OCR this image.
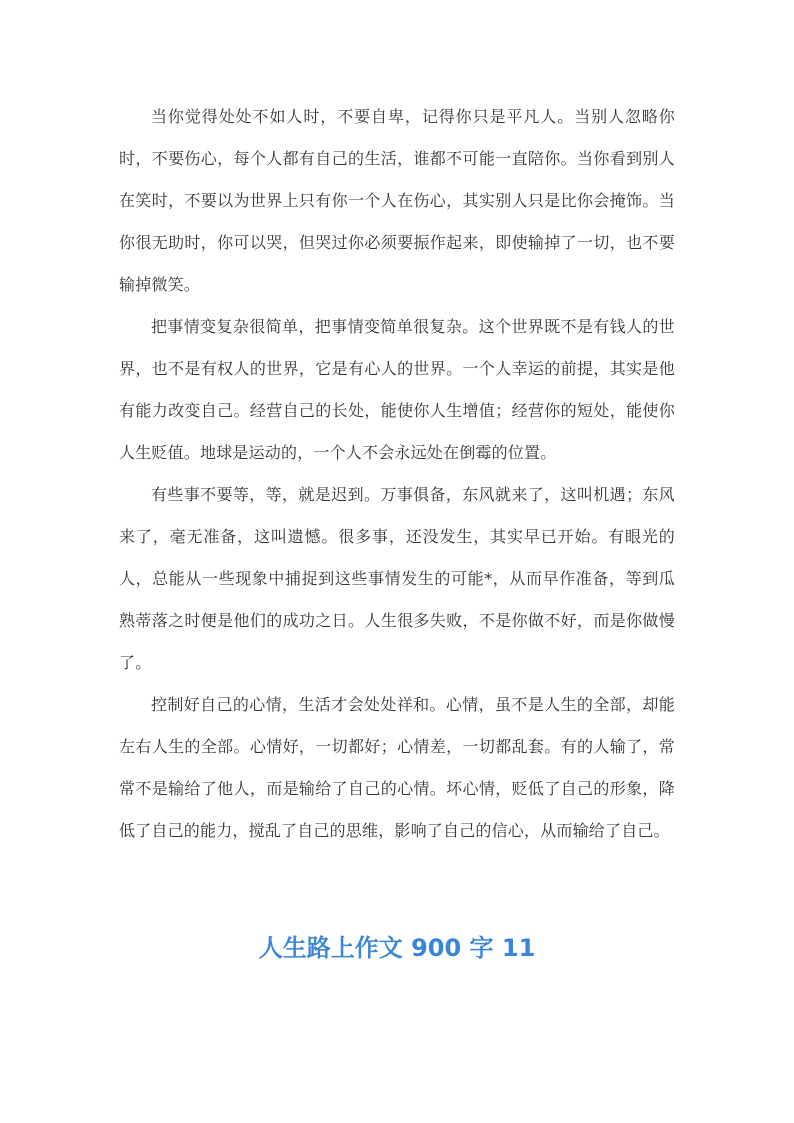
当你觉得处处不如人时，不要自卑，记得你只是平凡人。当别人忽略你时，不要伤心，每个人都有自己的生活，谁都不可能一直陪你。当你看到别人在笑时，不要以为世界上只有你一个人在伤心，其实别人只是比你会掩饰。当你很无助时，你可以哭，但哭过你必须要振作起来，即使输掉了一切，也不要输掉微笑。

把事情变复杂很简单，把事情变简单很复杂。这个世界既不是有钱人的世界，也不是有权人的世界，它是有心人的世界。一个人幸运的前提，其实是他有能力改变自己。经营自己的长处，能使你人生增值；经营你的短处，能使你人生贬值。地球是运动的，一个人不会永远处在倒霉的位置。

有些事不要等，等，就是迟到。万事俱备，东风就来了，这叫机遇；东风来了，毫无准备，这叫遗憾。很多事，还没发生，其实早已开始。有眼光的人，总能从一些现象中捕捉到这些事情发生的可能*，从而早作准备，等到瓜熟蒂落之时便是他们的成功之日。人生很多失败，不是你做不好，而是你做慢了。

控制好自己的心情，生活才会处处祥和。心情，虽不是人生的全部，却能左右人生的全部。心情好，一切都好；心情差，一切都乱套。有的人输了，常常不是输给了他人，而是输给了自己的心情。坏心情，贬低了自己的形象，降低了自己的能力，搅乱了自己的思维，影响了自己的信心，从而输给了自己。

人生路上作文 900 字 11
